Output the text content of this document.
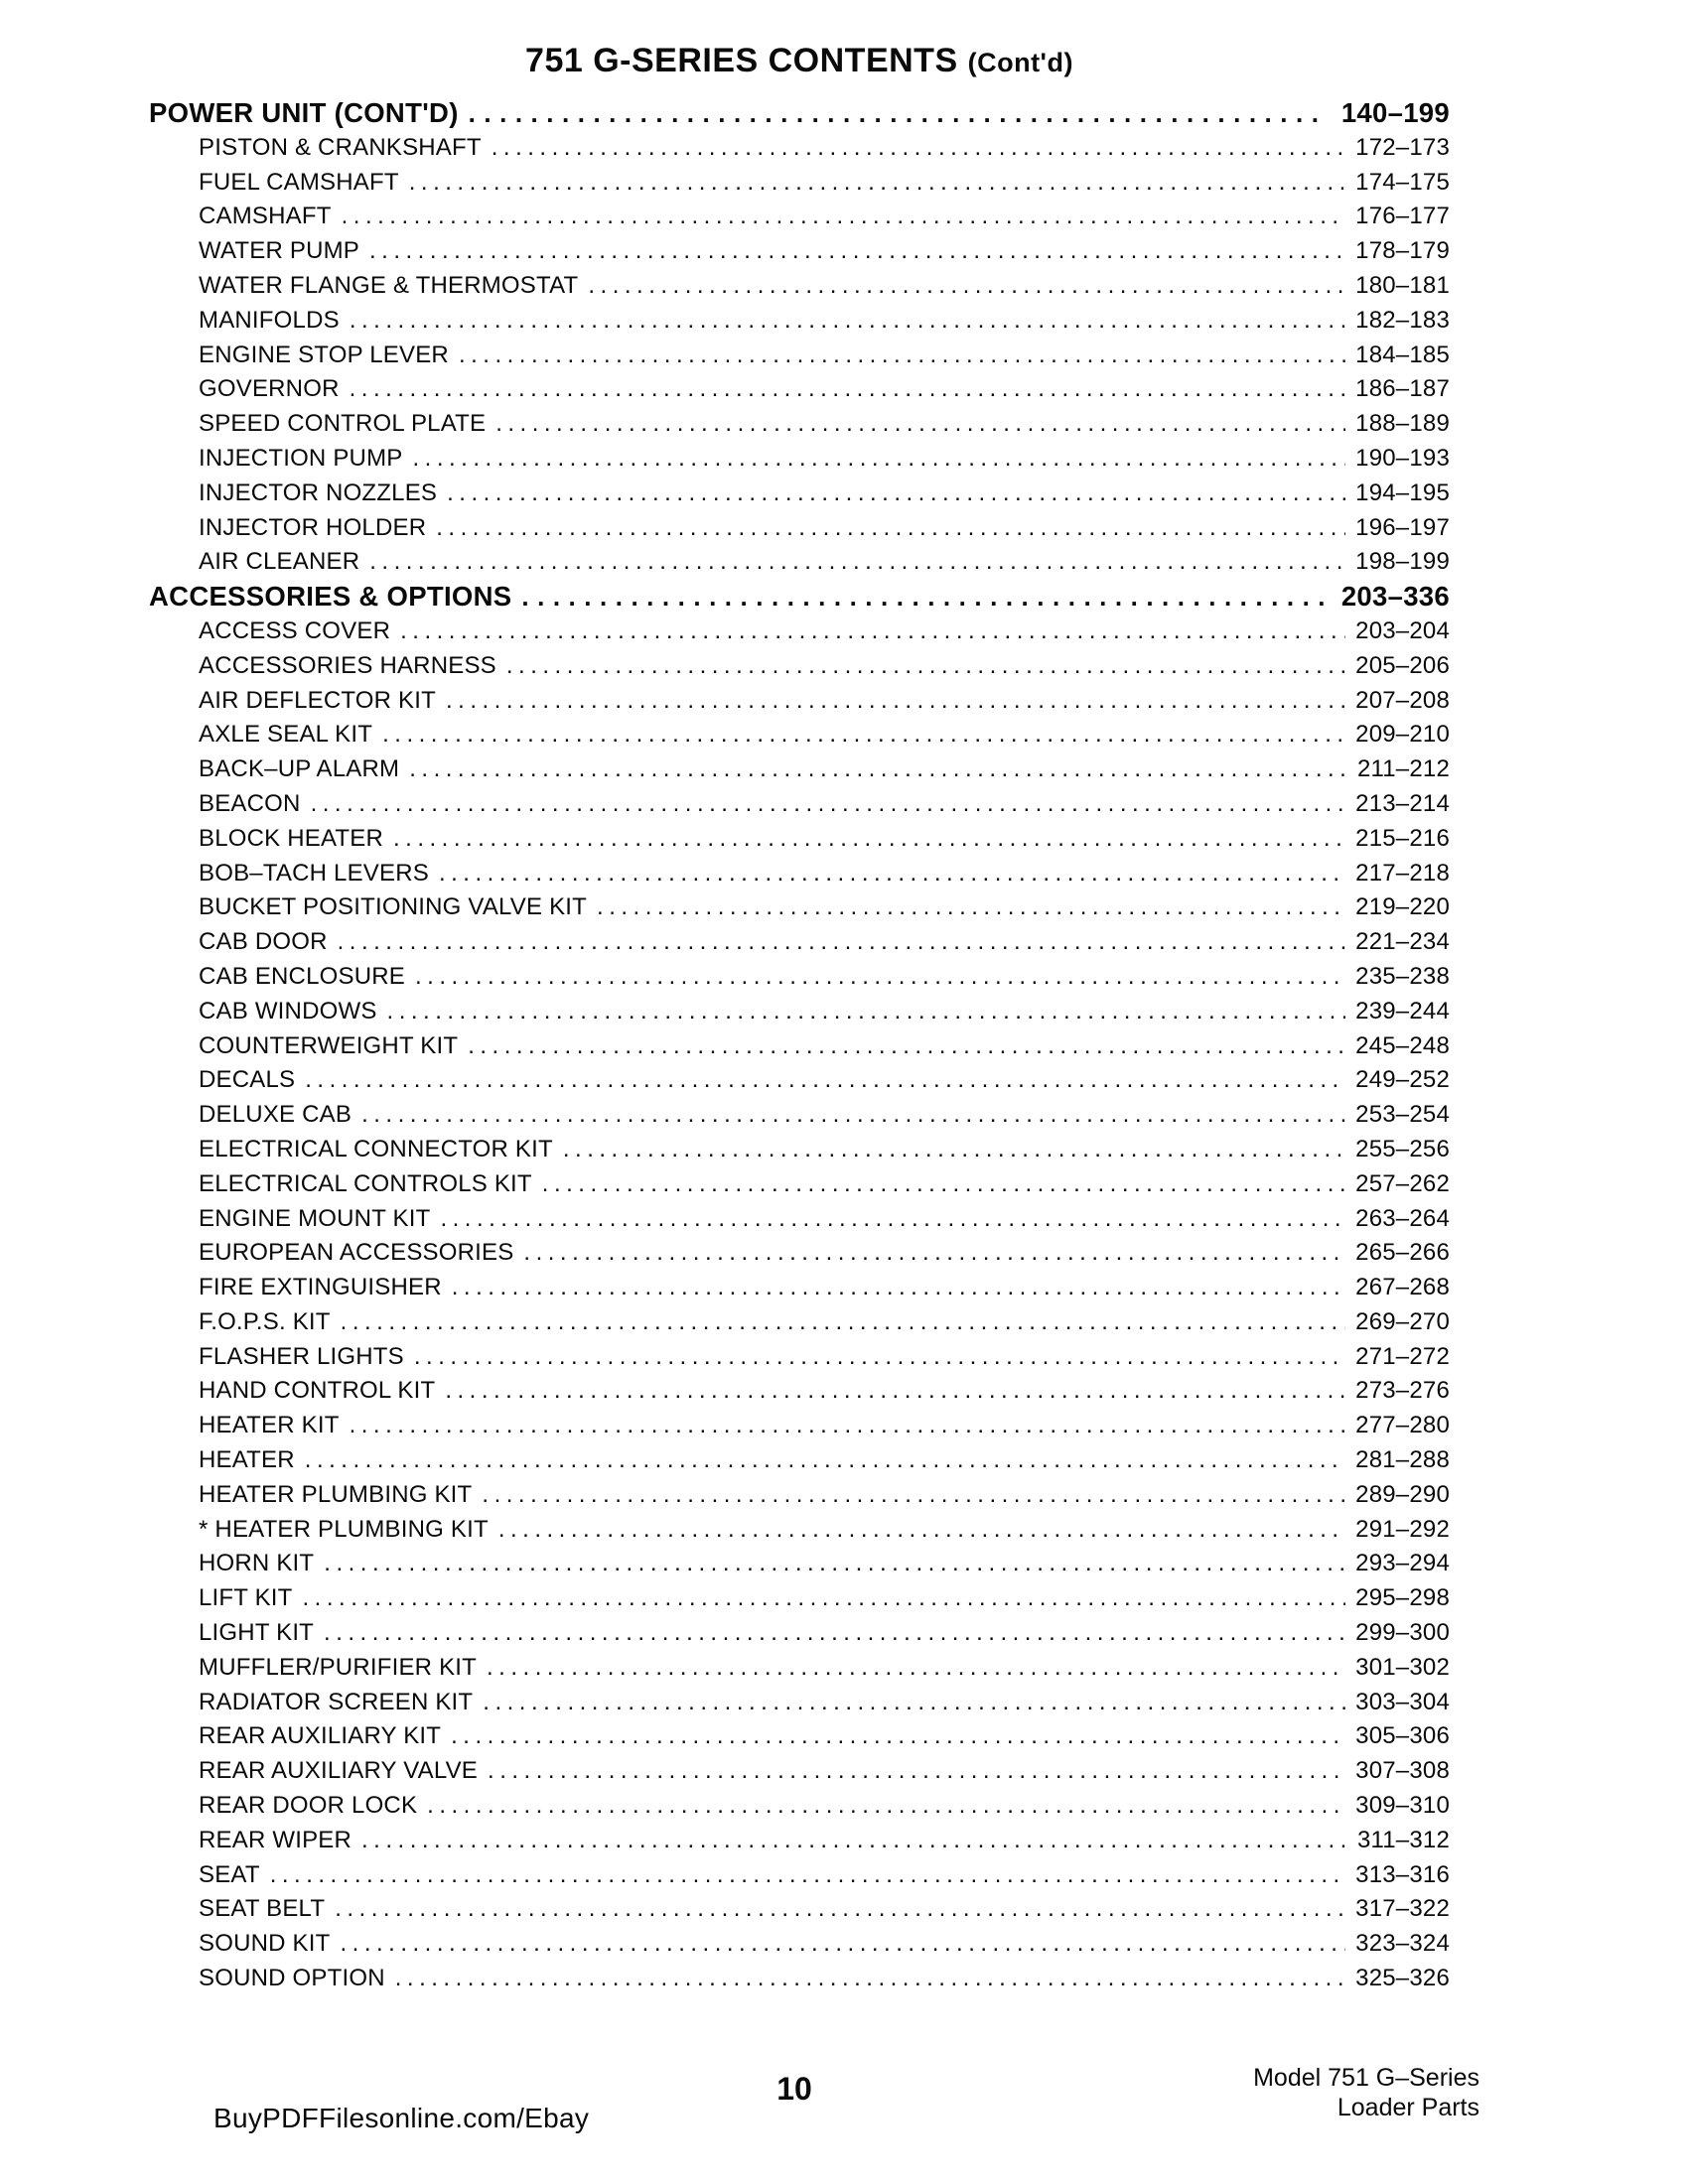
751 G-SERIES CONTENTS (Cont'd)
POWER UNIT (CONT'D) .....	140–199
PISTON & CRANKSHAFT .....	172–173
FUEL CAMSHAFT .....	174–175
CAMSHAFT .....	176–177
WATER PUMP .....	178–179
WATER FLANGE & THERMOSTAT .....	180–181
MANIFOLDS .....	182–183
ENGINE STOP LEVER .....	184–185
GOVERNOR .....	186–187
SPEED CONTROL PLATE .....	188–189
INJECTION PUMP .....	190–193
INJECTOR NOZZLES .....	194–195
INJECTOR HOLDER .....	196–197
AIR CLEANER .....	198–199
ACCESSORIES & OPTIONS .....	203–336
ACCESS COVER .....	203–204
ACCESSORIES HARNESS .....	205–206
AIR DEFLECTOR KIT .....	207–208
AXLE SEAL KIT .....	209–210
BACK–UP ALARM .....	211–212
BEACON .....	213–214
BLOCK HEATER .....	215–216
BOB–TACH LEVERS .....	217–218
BUCKET POSITIONING VALVE KIT .....	219–220
CAB DOOR .....	221–234
CAB ENCLOSURE .....	235–238
CAB WINDOWS .....	239–244
COUNTERWEIGHT KIT .....	245–248
DECALS .....	249–252
DELUXE CAB .....	253–254
ELECTRICAL CONNECTOR KIT .....	255–256
ELECTRICAL CONTROLS KIT .....	257–262
ENGINE MOUNT KIT .....	263–264
EUROPEAN ACCESSORIES .....	265–266
FIRE EXTINGUISHER .....	267–268
F.O.P.S. KIT .....	269–270
FLASHER LIGHTS .....	271–272
HAND CONTROL KIT .....	273–276
HEATER KIT .....	277–280
HEATER .....	281–288
HEATER PLUMBING KIT .....	289–290
* HEATER PLUMBING KIT .....	291–292
HORN KIT .....	293–294
LIFT KIT .....	295–298
LIGHT KIT .....	299–300
MUFFLER/PURIFIER KIT .....	301–302
RADIATOR SCREEN KIT .....	303–304
REAR AUXILIARY KIT .....	305–306
REAR AUXILIARY VALVE .....	307–308
REAR DOOR LOCK .....	309–310
REAR WIPER .....	311–312
SEAT .....	313–316
SEAT BELT .....	317–322
SOUND KIT .....	323–324
SOUND OPTION .....	325–326
10	Model 751 G–Series
Loader Parts
BuyPDFFilesonline.com/Ebay
